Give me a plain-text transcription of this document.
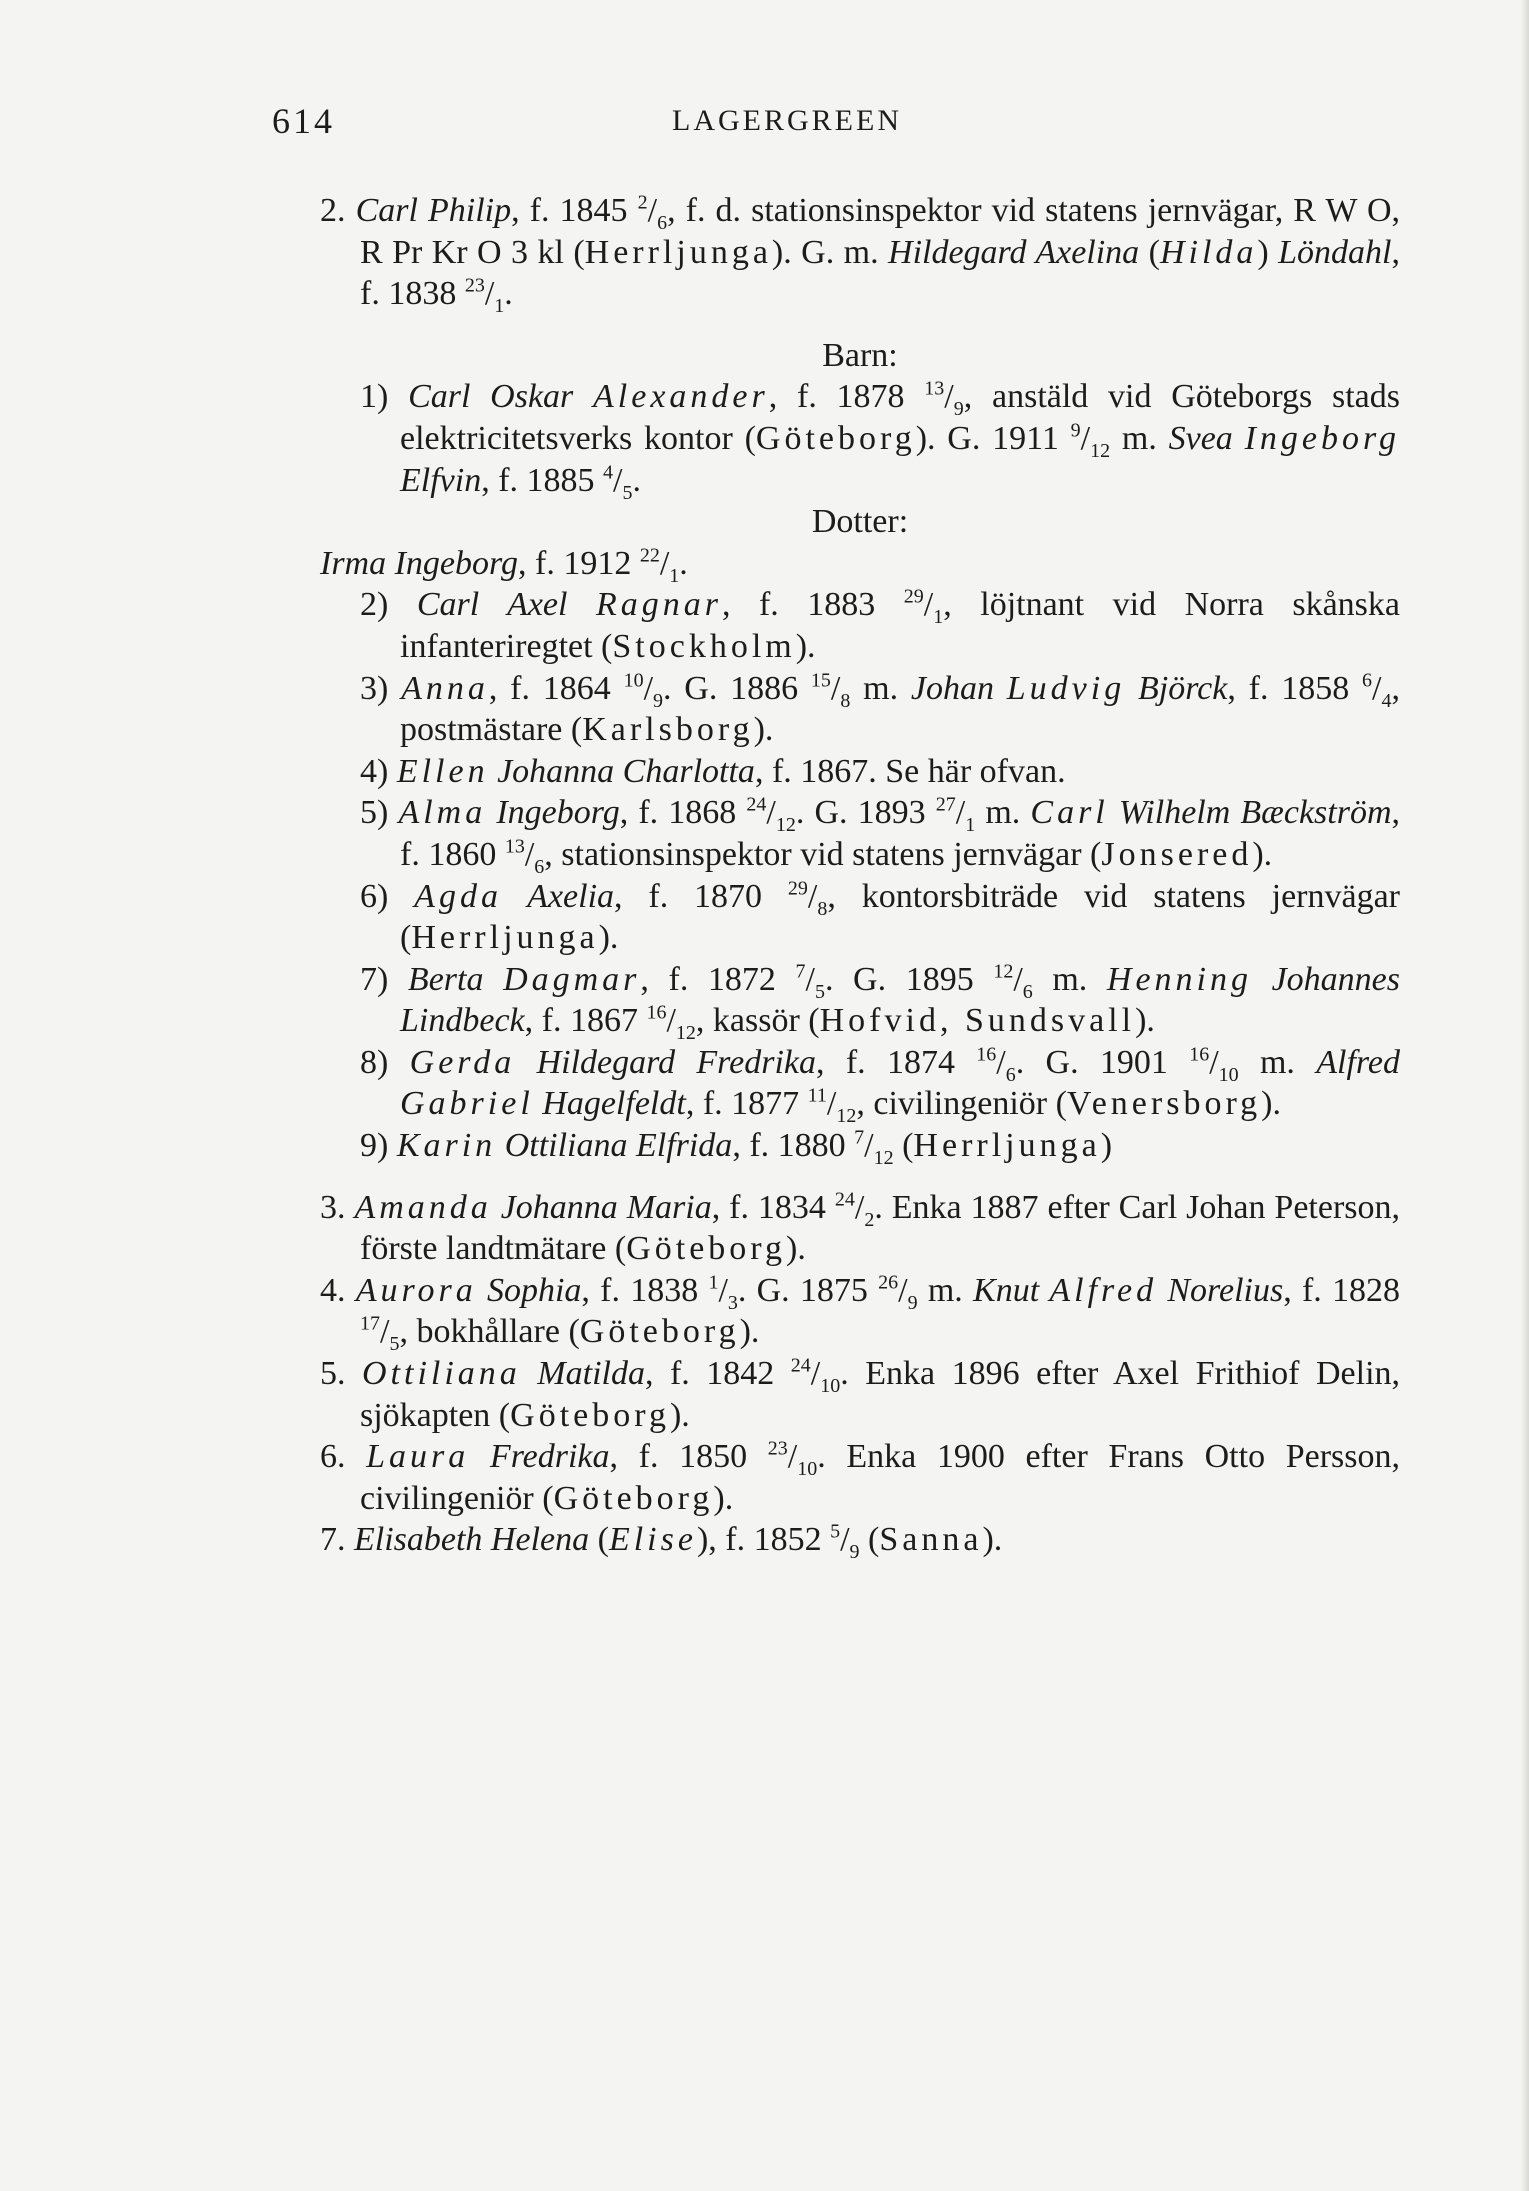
614	LAGERGREEN

2. Carl Philip, f. 1845 $^2/_6$, f. d. stationsinspektor vid statens jernvägar, R W O, R Pr Kr O 3 kl (Herrljunga). G. m. Hildegard Axelina (Hilda) Löndahl, f. 1838 $^{23}/_1$.

Barn:

1) Carl Oskar Alexander, f. 1878 $^{13}/_9$, anstäld vid Göteborgs stads elektricitetsverks kontor (Göteborg). G. 1911 $^9/_{12}$ m. Svea Ingeborg Elfvin, f. 1885 $^4/_5$.

Dotter:

Irma Ingeborg, f. 1912 $^{22}/_1$.

2) Carl Axel Ragnar, f. 1883 $^{29}/_1$, löjtnant vid Norra skånska infanteriregtet (Stockholm).

3) Anna, f. 1864 $^{10}/_9$. G. 1886 $^{15}/_8$ m. Johan Ludvig Björck, f. 1858 $^6/_4$, postmästare (Karlsborg).

4) Ellen Johanna Charlotta, f. 1867. Se här ofvan.

5) Alma Ingeborg, f. 1868 $^{24}/_{12}$. G. 1893 $^{27}/_1$ m. Carl Wilhelm Bæckström, f. 1860 $^{13}/_6$, stationsinspektor vid statens jernvägar (Jonsered).

6) Agda Axelia, f. 1870 $^{29}/_8$, kontorsbiträde vid statens jernvägar (Herrljunga).

7) Berta Dagmar, f. 1872 $^7/_5$. G. 1895 $^{12}/_6$ m. Henning Johannes Lindbeck, f. 1867 $^{16}/_{12}$, kassör (Hofvid, Sundsvall).

8) Gerda Hildegard Fredrika, f. 1874 $^{16}/_6$. G. 1901 $^{16}/_{10}$ m. Alfred Gabriel Hagelfeldt, f. 1877 $^{11}/_{12}$, civilingeniör (Venersborg).

9) Karin Ottiliana Elfrida, f. 1880 $^7/_{12}$ (Herrljunga)

3. Amanda Johanna Maria, f. 1834 $^{24}/_2$. Enka 1887 efter Carl Johan Peterson, förste landtmätare (Göteborg).

4. Aurora Sophia, f. 1838 $^1/_3$. G. 1875 $^{26}/_9$ m. Knut Alfred Norelius, f. 1828 $^{17}/_5$, bokhållare (Göteborg).

5. Ottiliana Matilda, f. 1842 $^{24}/_{10}$. Enka 1896 efter Axel Frithiof Delin, sjökapten (Göteborg).

6. Laura Fredrika, f. 1850 $^{23}/_{10}$. Enka 1900 efter Frans Otto Persson, civilingeniör (Göteborg).

7. Elisabeth Helena (Elise), f. 1852 $^5/_9$ (Sanna).
